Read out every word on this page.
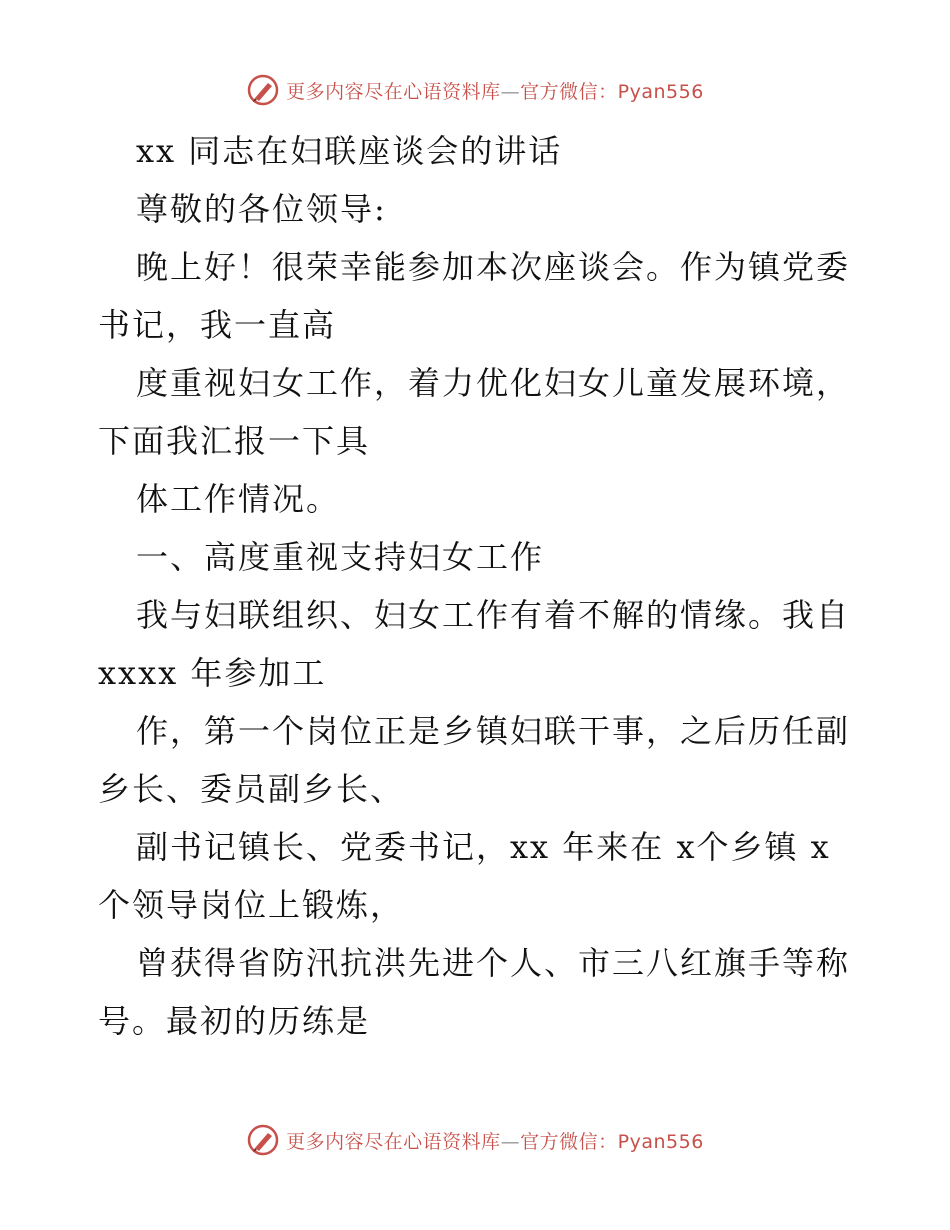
更多内容尽在心语资料库—官方微信：Pyan556
xx 同志在妇联座谈会的讲话
尊敬的各位领导:
晚上好！很荣幸能参加本次座谈会。作为镇党委
书记，我一直高
度重视妇女工作，着力优化妇女儿童发展环境，
下面我汇报一下具
体工作情况。
一、高度重视支持妇女工作
我与妇联组织、妇女工作有着不解的情缘。我自
xxxx 年参加工
作，第一个岗位正是乡镇妇联干事，之后历任副
乡长、委员副乡长、
副书记镇长、党委书记，xx 年来在 x个乡镇 x
个领导岗位上锻炼，
曾获得省防汛抗洪先进个人、市三八红旗手等称
号。最初的历练是
更多内容尽在心语资料库—官方微信：Pyan556
